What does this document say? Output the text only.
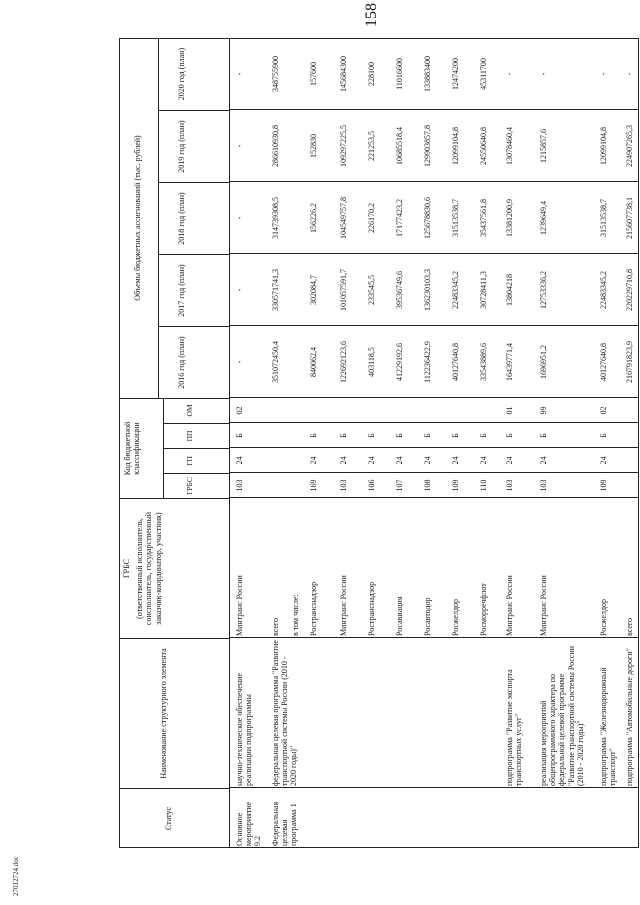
158
27012724.doc
Статус
Наименование структурного элемента
ГРБС (ответственный исполнитель, соисполнитель, государственный заказчик-координатор, участник)
Код бюджетной классификации
ГРБС
ГП
ПП
ОМ
Объемы бюджетных ассигнований (тыс. рублей)
2016 год (план)
2017 год (план)
2018 год (план)
2019 год (план)
2020 год (план)
Основное мероприятие 9.2
научно-техническое обеспечение реализации подпрограммы
Минтранс России
103
24
Б
02
-
-
-
-
-
Федеральная целевая программа 1
федеральная целевая программа "Развитие транспортной системы России (2010 - 2020 годы)"
всего
351072450,4
330571741,3
314739308,5
286610930,8
348755900
в том числе: Ространснадзор
169
24
Б
840062,4
302084,7
156226,2
152830
157600
Минтранс России
103
24
Б
122692123,6
101057591,7
104549757,8
109297225,5
145684300
Ространснадзор
106
24
Б
403118,5
233545,5
226170,2
221253,5
228100
Росавиация
107
24
Б
41229192,6
39536749,6
17177423,2
10685518,4
11016600
Росавтодор
108
24
Б
112236422,9
136230103,3
125678830,6
129903857,8
133883400
Росжелдор
109
24
Б
40127640,8
22483345,2
31513538,7
12099104,8
12474200
Росморречфлот
110
24
Б
33543889,6
30728411,3
35437561,8
24550640,8
45311700
подпрограмма "Развитие экспорта транспортных услуг"
Минтранс России
103
24
Б
01
16439771,4
13804218
13381200,9
13078460,4
-
реализация мероприятий общепрограммного характера по федеральной целевой программе "Развитие транспортной системы России (2010 - 2020 годы)"
Минтранс России
103
24
Б
99
1696951,2
12753336,2
1239649,4
1215857,6
-
подпрограмма "Железнодорожный транспорт"
Росжелдор
109
24
Б
02
40127640,8
22483345,2
31513538,7
12099104,8
-
подпрограмма "Автомобильные дороги"
всего
216791823,9
220229710,8
215607738,1
224907265,3
-
